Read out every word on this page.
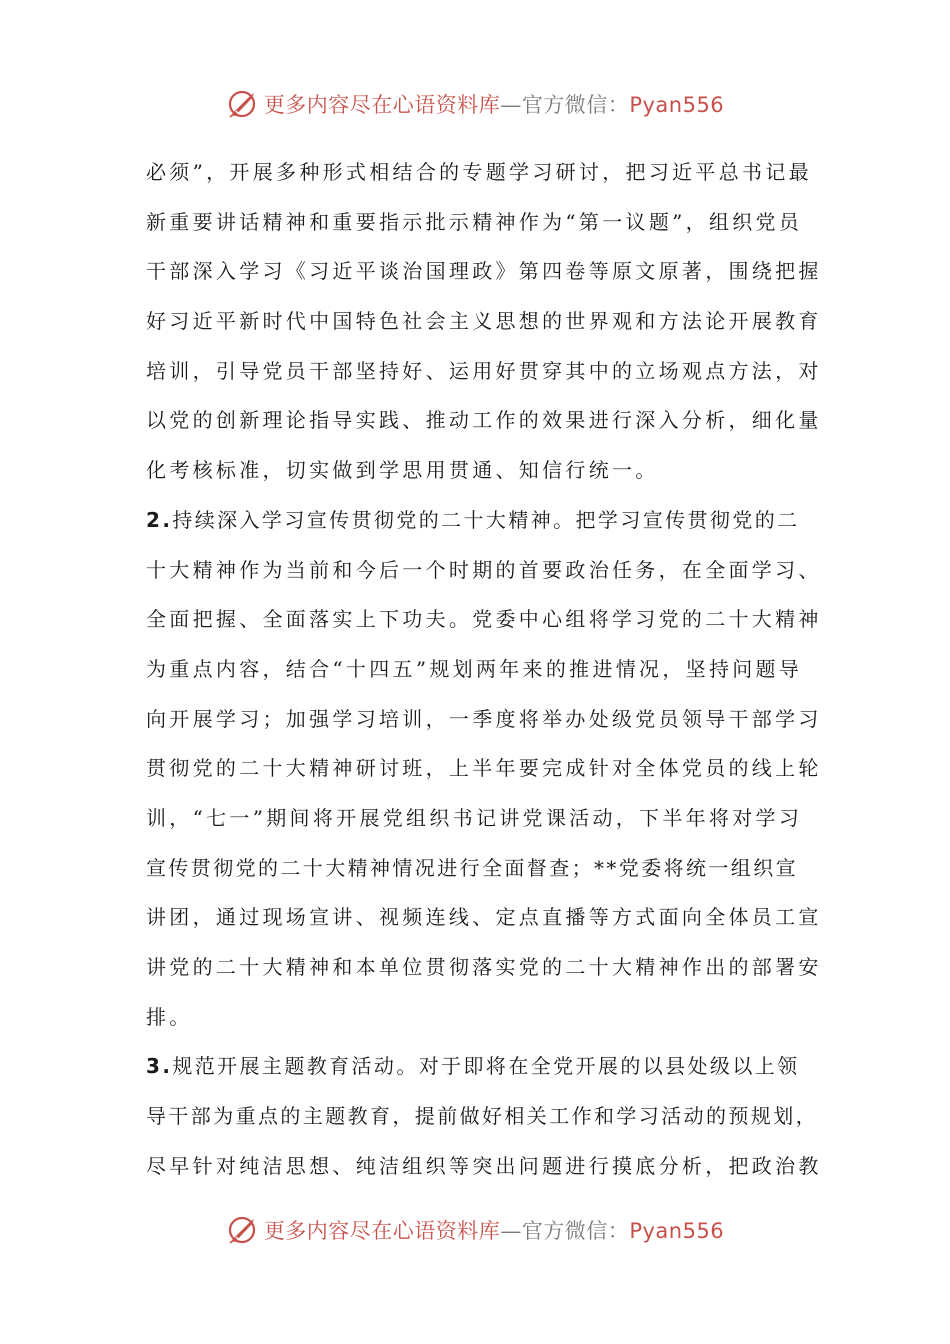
更多内容尽在心语资料库—官方微信：Pyan556
必须”，开展多种形式相结合的专题学习研讨，把习近平总书记最
新重要讲话精神和重要指示批示精神作为“第一议题”，组织党员
干部深入学习《习近平谈治国理政》第四卷等原文原著，围绕把握
好习近平新时代中国特色社会主义思想的世界观和方法论开展教育
培训，引导党员干部坚持好、运用好贯穿其中的立场观点方法，对
以党的创新理论指导实践、推动工作的效果进行深入分析，细化量
化考核标准，切实做到学思用贯通、知信行统一。
2.持续深入学习宣传贯彻党的二十大精神。把学习宣传贯彻党的二
十大精神作为当前和今后一个时期的首要政治任务，在全面学习、
全面把握、全面落实上下功夫。党委中心组将学习党的二十大精神
为重点内容，结合“十四五”规划两年来的推进情况，坚持问题导
向开展学习；加强学习培训，一季度将举办处级党员领导干部学习
贯彻党的二十大精神研讨班，上半年要完成针对全体党员的线上轮
训，“七一”期间将开展党组织书记讲党课活动，下半年将对学习
宣传贯彻党的二十大精神情况进行全面督查；**党委将统一组织宣
讲团，通过现场宣讲、视频连线、定点直播等方式面向全体员工宣
讲党的二十大精神和本单位贯彻落实党的二十大精神作出的部署安
排。
3.规范开展主题教育活动。对于即将在全党开展的以县处级以上领
导干部为重点的主题教育，提前做好相关工作和学习活动的预规划，
尽早针对纯洁思想、纯洁组织等突出问题进行摸底分析，把政治教
更多内容尽在心语资料库—官方微信：Pyan556
